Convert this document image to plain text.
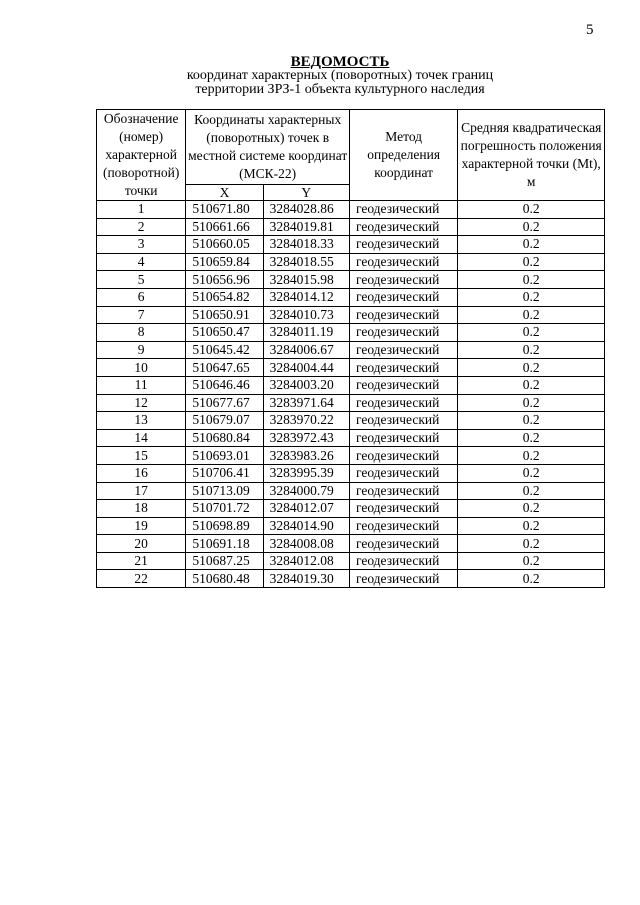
5
ВЕДОМОСТЬ
координат характерных (поворотных) точек границ
территории ЗРЗ-1 объекта культурного наследия
Обозначение (номер) характерной (поворотной) точки	Координаты характерных (поворотных) точек в местной системе координат (МСК-22)		Метод определения координат	Средняя квадратическая погрешность положения характерной точки (Mt), м
	X	Y		
1	510671.80	3284028.86	геодезический	0.2
2	510661.66	3284019.81	геодезический	0.2
3	510660.05	3284018.33	геодезический	0.2
4	510659.84	3284018.55	геодезический	0.2
5	510656.96	3284015.98	геодезический	0.2
6	510654.82	3284014.12	геодезический	0.2
7	510650.91	3284010.73	геодезический	0.2
8	510650.47	3284011.19	геодезический	0.2
9	510645.42	3284006.67	геодезический	0.2
10	510647.65	3284004.44	геодезический	0.2
11	510646.46	3284003.20	геодезический	0.2
12	510677.67	3283971.64	геодезический	0.2
13	510679.07	3283970.22	геодезический	0.2
14	510680.84	3283972.43	геодезический	0.2
15	510693.01	3283983.26	геодезический	0.2
16	510706.41	3283995.39	геодезический	0.2
17	510713.09	3284000.79	геодезический	0.2
18	510701.72	3284012.07	геодезический	0.2
19	510698.89	3284014.90	геодезический	0.2
20	510691.18	3284008.08	геодезический	0.2
21	510687.25	3284012.08	геодезический	0.2
22	510680.48	3284019.30	геодезический	0.2
